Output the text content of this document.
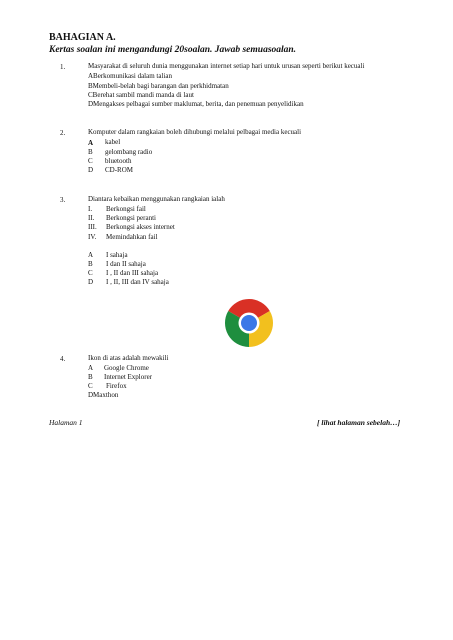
BAHAGIAN A.
Kertas soalan ini mengandungi 20soalan. Jawab semuasoalan.
1.	Masyarakat di seluruh dunia menggunakan internet setiap hari untuk urusan seperti berikut kecuali
ABerkomunikasi dalam talian
BMembeli-belah bagi barangan dan perkhidmatan
CBerehat sambil mandi manda di laut
DMengakses pelbagai sumber maklumat, berita, dan penemuan penyelidikan
2.	Komputer dalam rangkaian boleh dihubungi melalui pelbagai media kecuali
A kabel
B gelombang radio
C bluetooth
D CD-ROM
3.	Diantara kebaikan menggunakan rangkaian ialah
I. Berkongsi fail
II. Berkongsi peranti
III. Berkongsi akses internet
IV. Memindahkan fail
A I sahaja
B I dan II sahaja
C I , II dan III sahaja
D I , II, III dan IV sahaja
4.	Ikon di atas adalah mewakili
A Google Chrome
B Internet Explorer
C Firefox
DMaxthon
Halaman 1	[ lihat halaman sebelah…]
